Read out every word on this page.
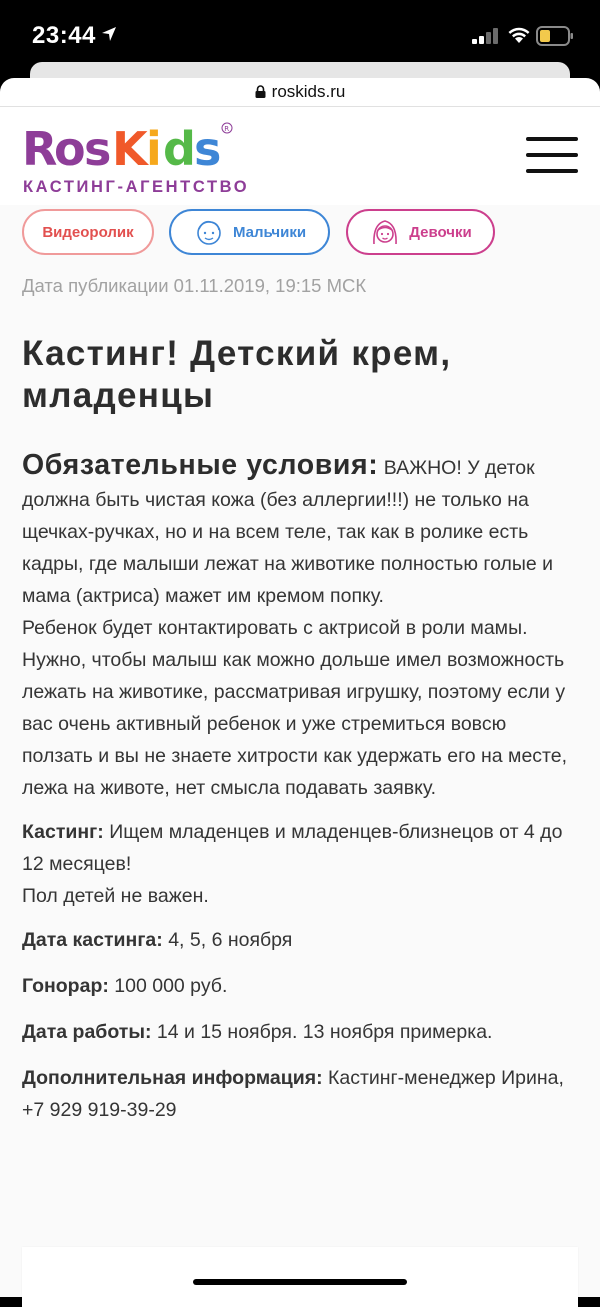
23:44
roskids.ru
R
o
s K
i d
s R
КАСТИНГ-АГЕНТСТВО
Видеоролик	Мальчики	Девочки
Дата публикации 01.11.2019, 19:15 МСК
Кастинг! Детский крем, младенцы

Обязательные условия: ВАЖНО! У деток должна быть чистая кожа (без аллергии!!!) не только на щечках-ручках, но и на всем теле, так как в ролике есть кадры, где малыши лежат на животике полностью голые и мама (актриса) мажет им кремом попку.
Ребенок будет контактировать с актрисой в роли мамы. Нужно, чтобы малыш как можно дольше имел возможность лежать на животике, рассматривая игрушку, поэтому если у вас очень активный ребенок и уже стремиться вовсю ползать и вы не знаете хитрости как удержать его на месте, лежа на животе, нет смысла подавать заявку.

Кастинг: Ищем младенцев и младенцев-близнецов от 4 до 12 месяцев!
Пол детей не важен.

Дата кастинга: 4, 5, 6 ноября

Гонорар: 100 000 руб.

Дата работы: 14 и 15 ноября. 13 ноября примерка.

Дополнительная информация: Кастинг-менеджер Ирина, +7 929 919-39-29
